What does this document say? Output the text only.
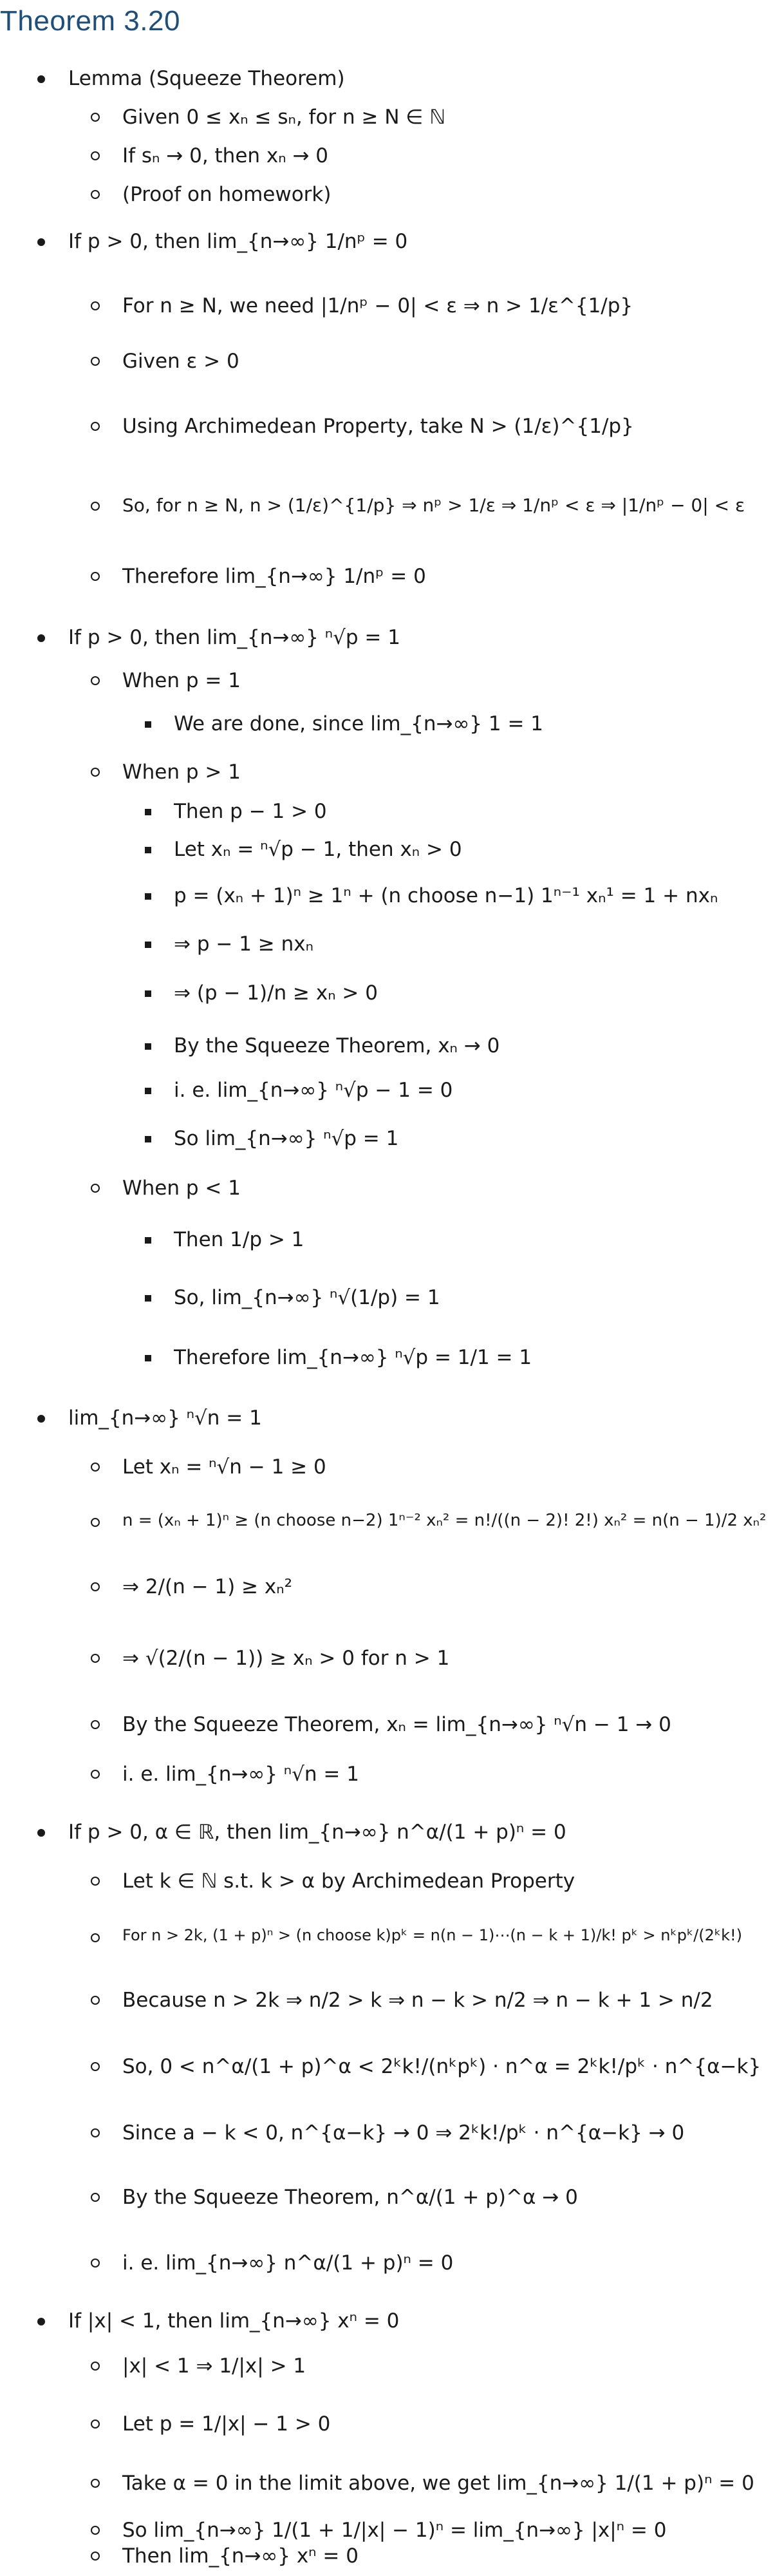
Theorem 3.20
Lemma (Squeeze Theorem)
Given 0 ≤ xₙ ≤ sₙ, for n ≥ N ∈ ℕ
If sₙ → 0, then xₙ → 0
(Proof on homework)
If p > 0, then lim_{n→∞} 1/nᵖ = 0
For n ≥ N, we need |1/nᵖ − 0| < ε ⇒ n > 1/ε^{1/p}
Given ε > 0
Using Archimedean Property, take N > (1/ε)^{1/p}
So, for n ≥ N, n > (1/ε)^{1/p} ⇒ nᵖ > 1/ε ⇒ 1/nᵖ < ε ⇒ |1/nᵖ − 0| < ε
Therefore lim_{n→∞} 1/nᵖ = 0
If p > 0, then lim_{n→∞} ⁿ√p = 1
When p = 1
We are done, since lim_{n→∞} 1 = 1
When p > 1
Then p − 1 > 0
Let xₙ = ⁿ√p − 1, then xₙ > 0
p = (xₙ + 1)ⁿ ≥ 1ⁿ + (n choose n−1) 1ⁿ⁻¹ xₙ¹ = 1 + nxₙ
⇒ p − 1 ≥ nxₙ
⇒ (p − 1)/n ≥ xₙ > 0
By the Squeeze Theorem, xₙ → 0
i. e. lim_{n→∞} ⁿ√p − 1 = 0
So lim_{n→∞} ⁿ√p = 1
When p < 1
Then 1/p > 1
So, lim_{n→∞} ⁿ√(1/p) = 1
Therefore lim_{n→∞} ⁿ√p = 1/1 = 1
lim_{n→∞} ⁿ√n = 1
Let xₙ = ⁿ√n − 1 ≥ 0
n = (xₙ + 1)ⁿ ≥ (n choose n−2) 1ⁿ⁻² xₙ² = n!/((n − 2)! 2!) xₙ² = n(n − 1)/2 xₙ²
⇒ 2/(n − 1) ≥ xₙ²
⇒ √(2/(n − 1)) ≥ xₙ > 0 for n > 1
By the Squeeze Theorem, xₙ = lim_{n→∞} ⁿ√n − 1 → 0
i. e. lim_{n→∞} ⁿ√n = 1
If p > 0, α ∈ ℝ, then lim_{n→∞} n^α/(1 + p)ⁿ = 0
Let k ∈ ℕ s.t. k > α by Archimedean Property
For n > 2k, (1 + p)ⁿ > (n choose k)pᵏ = n(n − 1)⋯(n − k + 1)/k! pᵏ > nᵏpᵏ/(2ᵏk!)
Because n > 2k ⇒ n/2 > k ⇒ n − k > n/2 ⇒ n − k + 1 > n/2
So, 0 < n^α/(1 + p)^α < 2ᵏk!/(nᵏpᵏ) · n^α = 2ᵏk!/pᵏ · n^{α−k}
Since a − k < 0, n^{α−k} → 0 ⇒ 2ᵏk!/pᵏ · n^{α−k} → 0
By the Squeeze Theorem, n^α/(1 + p)^α → 0
i. e. lim_{n→∞} n^α/(1 + p)ⁿ = 0
If |x| < 1, then lim_{n→∞} xⁿ = 0
|x| < 1 ⇒ 1/|x| > 1
Let p = 1/|x| − 1 > 0
Take α = 0 in the limit above, we get lim_{n→∞} 1/(1 + p)ⁿ = 0
So lim_{n→∞} 1/(1 + 1/|x| − 1)ⁿ = lim_{n→∞} |x|ⁿ = 0
Then lim_{n→∞} xⁿ = 0
